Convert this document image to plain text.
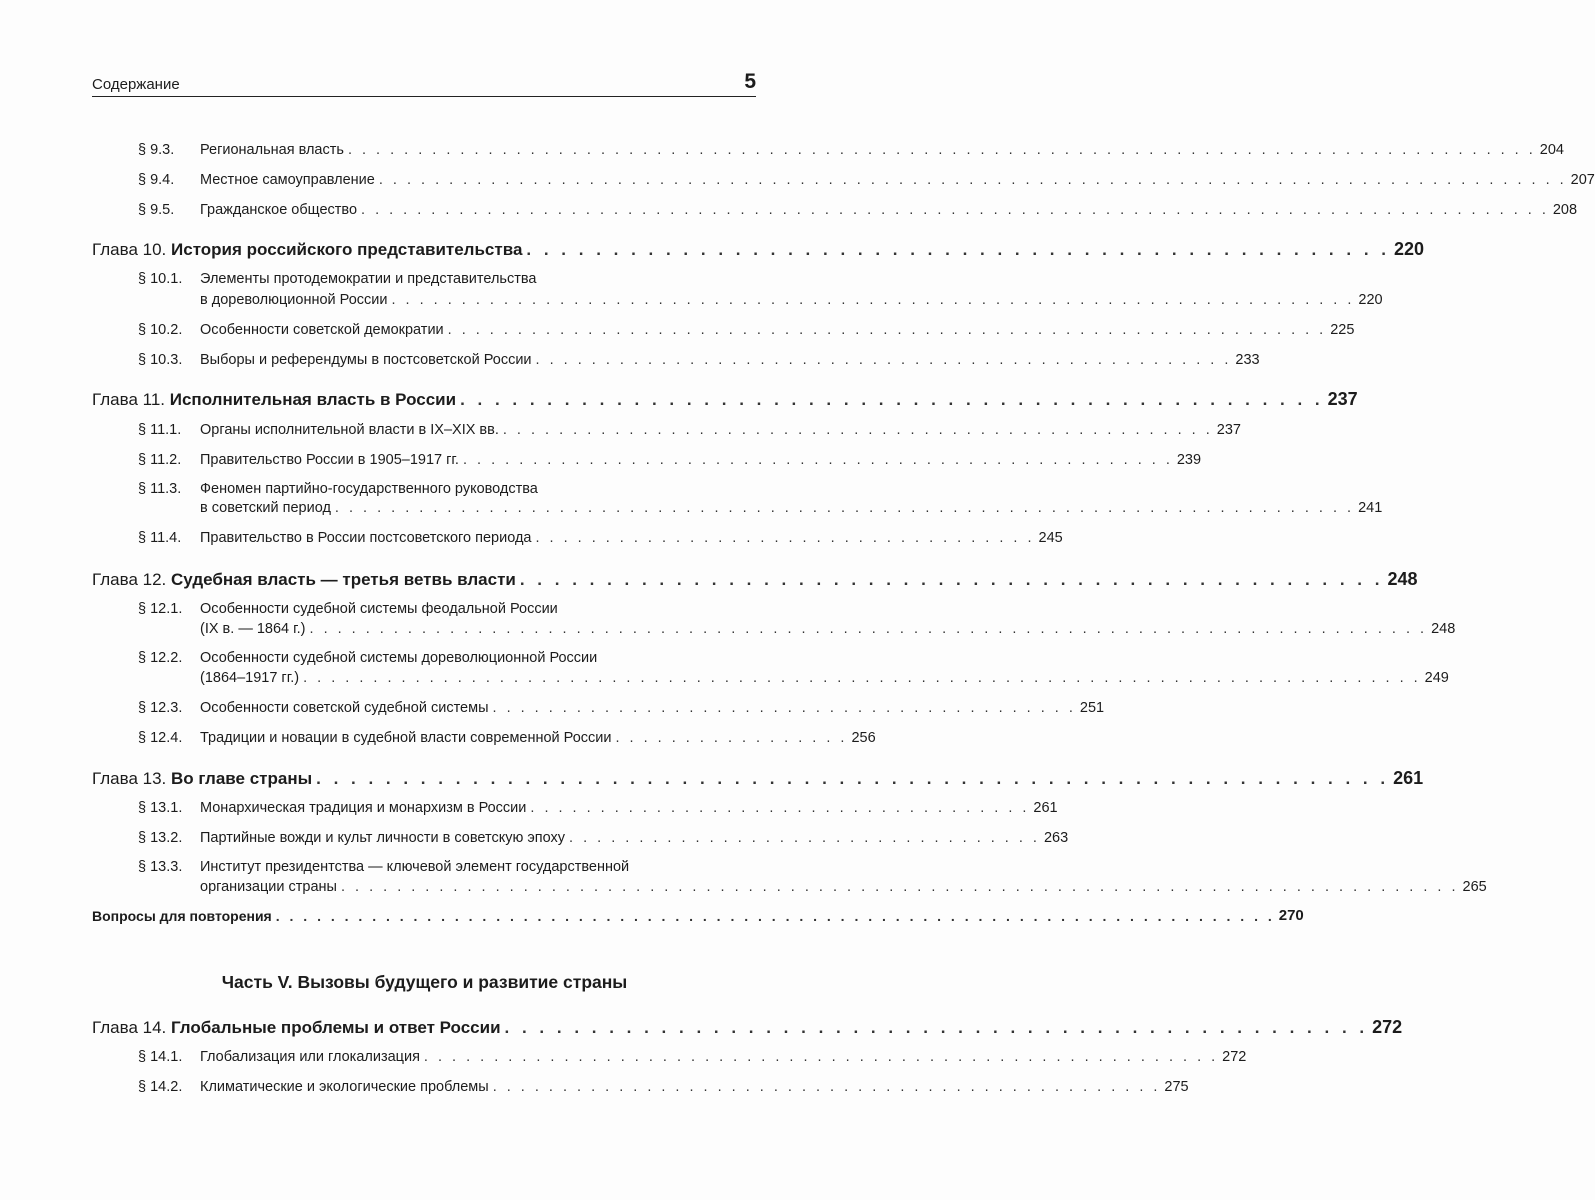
Содержание	5
§ 9.3. Региональная власть . . . . . . . . . . . . . . . . . . . . . . . . . . . . . . . . . . . . . . . . . . . . . . . . . . . . . . . . . . . . . . . . . . . . . . . . . . . . . . . . . . . . . 204
§ 9.4. Местное самоуправление . . . . . . . . . . . . . . . . . . . . . . . . . . . . . . . . . . . . . . . . . . . . . . . . . . . . . . . . . . . . . . . . . . . . . . . . . . . . . . . . . . . . . 207
§ 9.5. Гражданское общество . . . . . . . . . . . . . . . . . . . . . . . . . . . . . . . . . . . . . . . . . . . . . . . . . . . . . . . . . . . . . . . . . . . . . . . . . . . . . . . . . . . . . 208
Глава 10. История российского представительства . . . . . . . . . . . . . . . . . . . . . . . . . . . . . . . . . . . . . . . . . . . . . . . . . . 220
§ 10.1. Элементы протодемократии и представительства
в дореволюционной России . . . . . . . . . . . . . . . . . . . . . . . . . . . . . . . . . . . . . . . . . . . . . . . . . . . . . . . . . . . . . . . . . . . . . 220
§ 10.2. Особенности советской демократии . . . . . . . . . . . . . . . . . . . . . . . . . . . . . . . . . . . . . . . . . . . . . . . . . . . . . . . . . . . . . . . 225
§ 10.3. Выборы и референдумы в постсоветской России . . . . . . . . . . . . . . . . . . . . . . . . . . . . . . . . . . . . . . . . . . . . . . . . . . 233
Глава 11. Исполнительная власть в России . . . . . . . . . . . . . . . . . . . . . . . . . . . . . . . . . . . . . . . . . . . . . . . . . . 237
§ 11.1. Органы исполнительной власти в IX–XIX вв. . . . . . . . . . . . . . . . . . . . . . . . . . . . . . . . . . . . . . . . . . . . . . . . . . . . 237
§ 11.2. Правительство России в 1905–1917 гг. . . . . . . . . . . . . . . . . . . . . . . . . . . . . . . . . . . . . . . . . . . . . . . . . . . . 239
§ 11.3. Феномен партийно-государственного руководства
в советский период . . . . . . . . . . . . . . . . . . . . . . . . . . . . . . . . . . . . . . . . . . . . . . . . . . . . . . . . . . . . . . . . . . . . . . . . . 241
§ 11.4. Правительство в России постсоветского периода . . . . . . . . . . . . . . . . . . . . . . . . . . . . . . . . . . . . 245
Глава 12. Судебная власть — третья ветвь власти . . . . . . . . . . . . . . . . . . . . . . . . . . . . . . . . . . . . . . . . . . . . . . . . . . 248
§ 12.1. Особенности судебной системы феодальной России
(IX в. — 1864 г.) . . . . . . . . . . . . . . . . . . . . . . . . . . . . . . . . . . . . . . . . . . . . . . . . . . . . . . . . . . . . . . . . . . . . . . . . . . . . . . . . 248
§ 12.2. Особенности судебной системы дореволюционной России
(1864–1917 гг.) . . . . . . . . . . . . . . . . . . . . . . . . . . . . . . . . . . . . . . . . . . . . . . . . . . . . . . . . . . . . . . . . . . . . . . . . . . . . . . . . 249
§ 12.3. Особенности советской судебной системы . . . . . . . . . . . . . . . . . . . . . . . . . . . . . . . . . . . . . . . . . . 251
§ 12.4. Традиции и новации в судебной власти современной России . . . . . . . . . . . . . . . . . 256
Глава 13. Во главе страны . . . . . . . . . . . . . . . . . . . . . . . . . . . . . . . . . . . . . . . . . . . . . . . . . . . . . . . . . . . . . . 261
§ 13.1. Монархическая традиция и монархизм в России . . . . . . . . . . . . . . . . . . . . . . . . . . . . . . . . . . . . 261
§ 13.2. Партийные вожди и культ личности в советскую эпоху . . . . . . . . . . . . . . . . . . . . . . . . . . . . . . . . . . 263
§ 13.3. Институт президентства — ключевой элемент государственной
организации страны . . . . . . . . . . . . . . . . . . . . . . . . . . . . . . . . . . . . . . . . . . . . . . . . . . . . . . . . . . . . . . . . . . . . . . . . . . . . . . . . 265
Вопросы для повторения . . . . . . . . . . . . . . . . . . . . . . . . . . . . . . . . . . . . . . . . . . . . . . . . . . . . . . . . . . . . . . . . . . . . . . . . . 270
Часть V. Вызовы будущего и развитие страны
Глава 14. Глобальные проблемы и ответ России . . . . . . . . . . . . . . . . . . . . . . . . . . . . . . . . . . . . . . . . . . . . . . . . . . 272
§ 14.1. Глобализация или глокализация . . . . . . . . . . . . . . . . . . . . . . . . . . . . . . . . . . . . . . . . . . . . . . . . . . . . . . . . . 272
§ 14.2. Климатические и экологические проблемы . . . . . . . . . . . . . . . . . . . . . . . . . . . . . . . . . . . . . . . . . . . . . . . . 275
